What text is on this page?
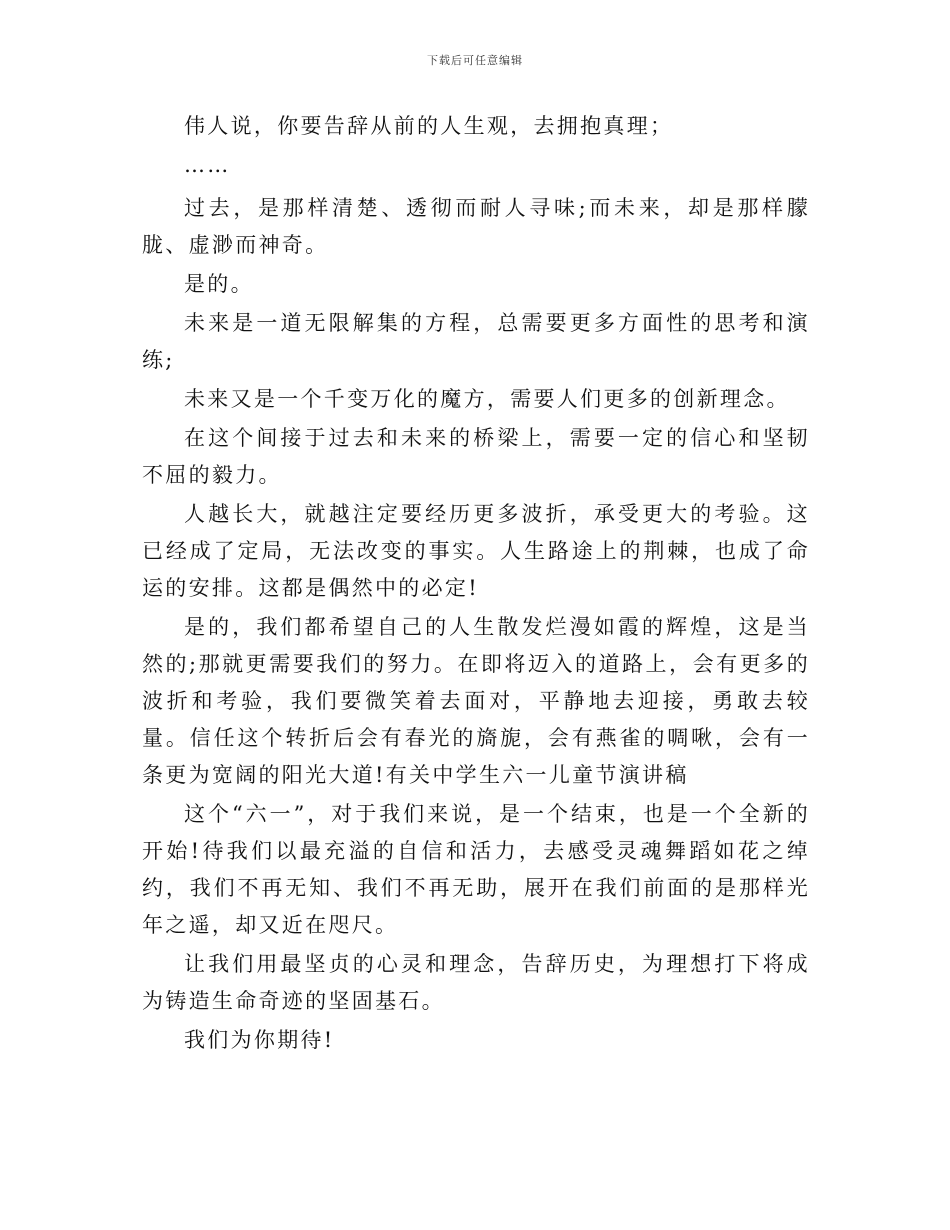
下载后可任意编辑

伟人说，你要告辞从前的人生观，去拥抱真理；

……

过去，是那样清楚、透彻而耐人寻味;而未来，却是那样朦胧、虚渺而神奇。

是的。

未来是一道无限解集的方程，总需要更多方面性的思考和演练;

未来又是一个千变万化的魔方，需要人们更多的创新理念。

在这个间接于过去和未来的桥梁上，需要一定的信心和坚韧不屈的毅力。

人越长大，就越注定要经历更多波折，承受更大的考验。这已经成了定局，无法改变的事实。人生路途上的荆棘，也成了命运的安排。这都是偶然中的必定!

是的，我们都希望自己的人生散发烂漫如霞的辉煌，这是当然的;那就更需要我们的努力。在即将迈入的道路上，会有更多的波折和考验，我们要微笑着去面对，平静地去迎接，勇敢去较量。信任这个转折后会有春光的旖旎，会有燕雀的啁啾，会有一条更为宽阔的阳光大道!有关中学生六一儿童节演讲稿

这个“六一”，对于我们来说，是一个结束，也是一个全新的开始!待我们以最充溢的自信和活力，去感受灵魂舞蹈如花之绰约，我们不再无知、我们不再无助，展开在我们前面的是那样光年之遥，却又近在咫尺。

让我们用最坚贞的心灵和理念，告辞历史，为理想打下将成为铸造生命奇迹的坚固基石。

我们为你期待!
